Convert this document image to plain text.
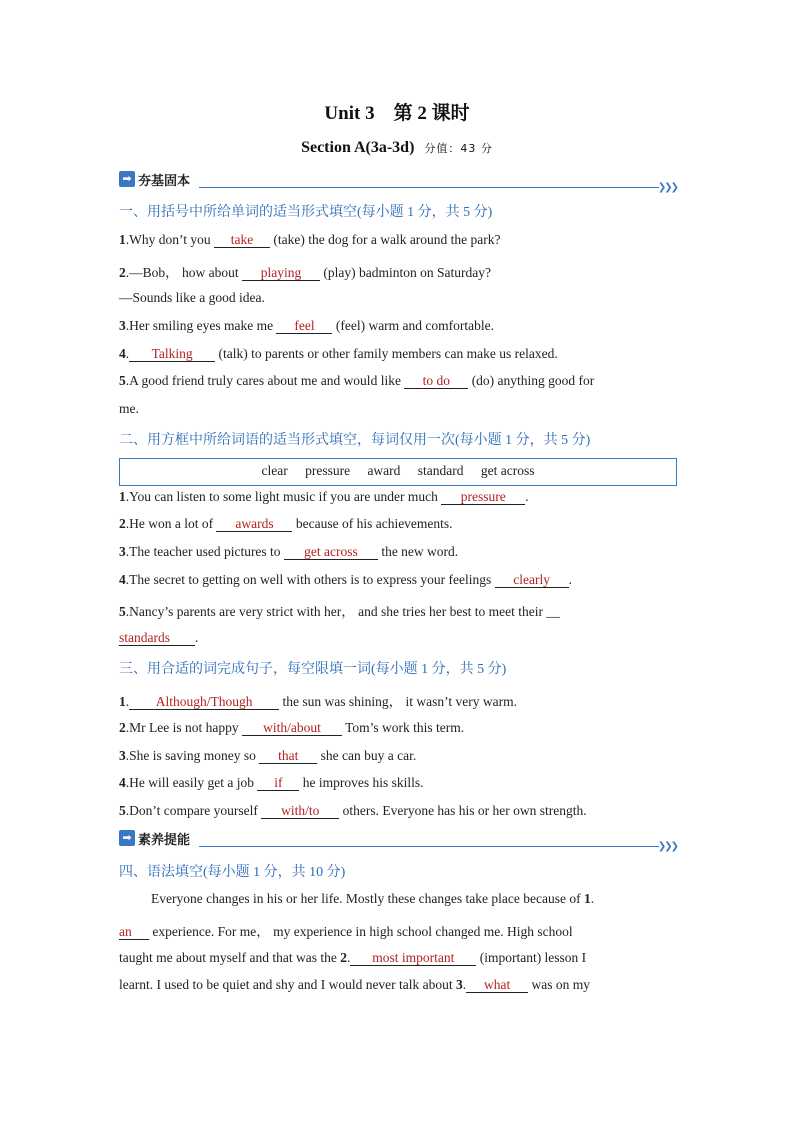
Unit 3　第 2 课时
Section A(3a-3d) 分值：43 分
➡ 夯基固本	❯❯❯
一、用括号中所给单词的适当形式填空(每小题 1 分，共 5 分)
1.Why don’t you take (take) the dog for a walk around the park?
2.—Bob， how about playing (play) badminton on Saturday?
—Sounds like a good idea.
3.Her smiling eyes make me feel (feel) warm and comfortable.
4. Talking (talk) to parents or other family members can make us relaxed.
5.A good friend truly cares about me and would like to do (do) anything good for
me.
二、用方框中所给词语的适当形式填空，每词仅用一次(每小题 1 分，共 5 分)
clear pressure award standard get across
1.You can listen to some light music if you are under much pressure .
2.He won a lot of awards because of his achievements.
3.The teacher used pictures to get across the new word.
4.The secret to getting on well with others is to express your feelings clearly .
5.Nancy’s parents are very strict with her， and she tries her best to meet their __
standards .
三、用合适的词完成句子，每空限填一词(每小题 1 分，共 5 分)
1. Although/Though the sun was shining， it wasn’t very warm.
2.Mr Lee is not happy with/about Tom’s work this term.
3.She is saving money so that she can buy a car.
4.He will easily get a job if he improves his skills.
5.Don’t compare yourself with/to others. Everyone has his or her own strength.
➡ 素养提能	❯❯❯
四、语法填空(每小题 1 分，共 10 分)
Everyone changes in his or her life. Mostly these changes take place because of 1.
an experience. For me， my experience in high school changed me. High school
taught me about myself and that was the 2. most important (important) lesson I
learnt. I used to be quiet and shy and I would never talk about 3. what was on my
